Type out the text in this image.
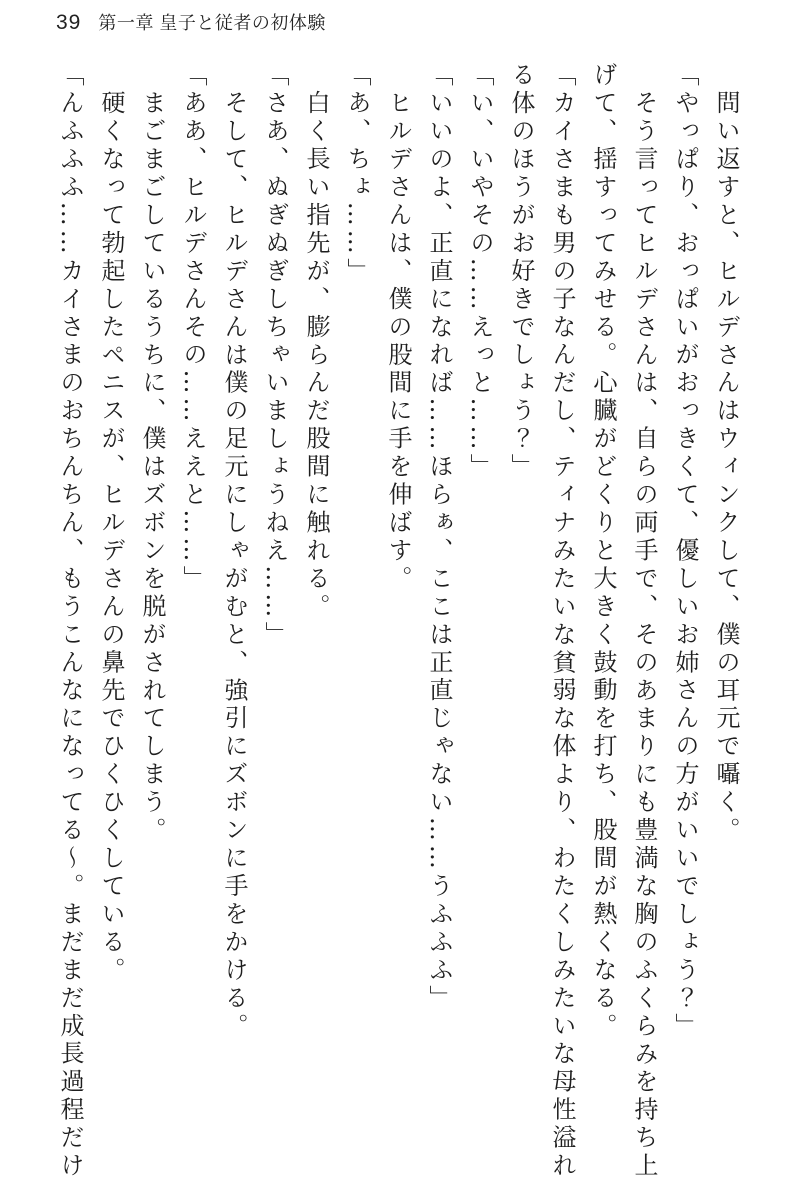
39 第一章 皇子と従者の初体験

問い返すと、ヒルデさんはウィンクして、僕の耳元で囁く。

「やっぱり、おっぱいがおっきくて、優しいお姉さんの方がいいでしょう？」

そう言ってヒルデさんは、自らの両手で、そのあまりにも豊満な胸のふくらみを持ち上げて、揺すってみせる。心臓がどくりと大きく鼓動を打ち、股間が熱くなる。

「カイさまも男の子なんだし、ティナみたいな貧弱な体より、わたくしみたいな母性溢れる体のほうがお好きでしょう？」

「い、いやその……えっと……」

「いいのよ、正直になれば……ほらぁ、ここは正直じゃない……うふふふ」

ヒルデさんは、僕の股間に手を伸ばす。

「あ、ちょ……」

白く長い指先が、膨らんだ股間に触れる。

「さあ、ぬぎぬぎしちゃいましょうねえ……」

そして、ヒルデさんは僕の足元にしゃがむと、強引にズボンに手をかける。

「ああ、ヒルデさんその……ええと……」

まごまごしているうちに、僕はズボンを脱がされてしまう。

硬くなって勃起したペニスが、ヒルデさんの鼻先でひくひくしている。

「んふふふ……カイさまのおちんちん、もうこんなになってる〜。まだまだ成長過程だけ
